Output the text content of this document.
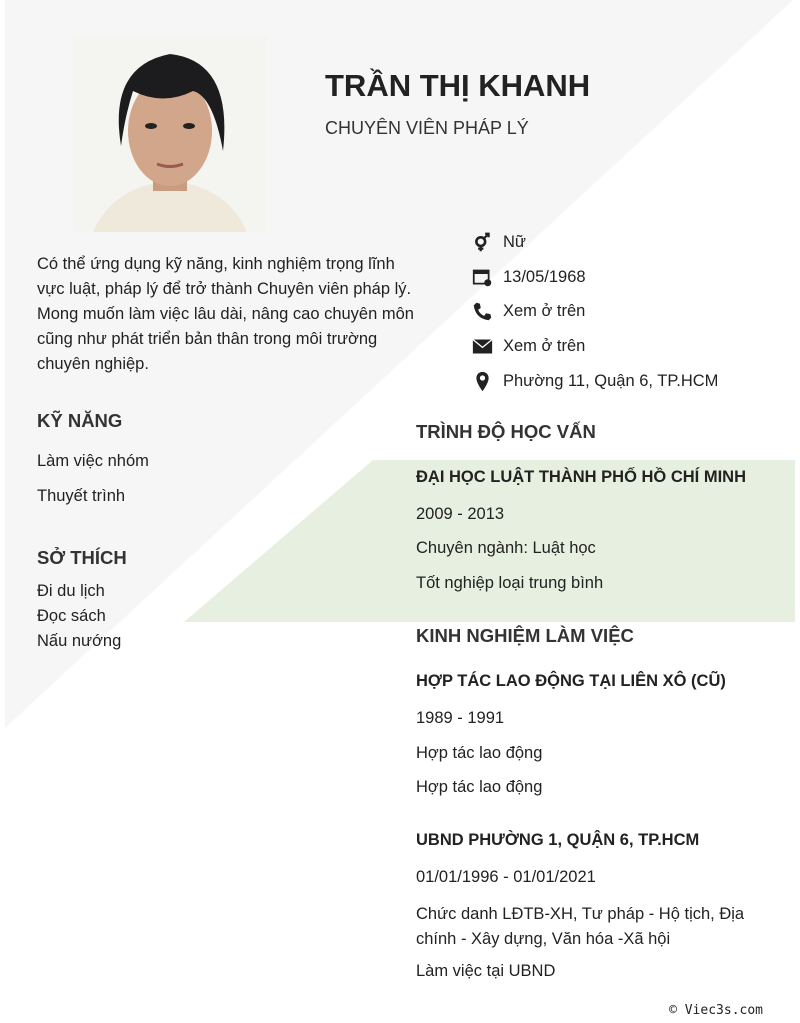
TRẦN THỊ KHANH
CHUYÊN VIÊN PHÁP LÝ
Có thể ứng dụng kỹ năng, kinh nghiệm trọng lĩnh vực luật, pháp lý để trở thành Chuyên viên pháp lý. Mong muốn làm việc lâu dài, nâng cao chuyên môn cũng như phát triển bản thân trong môi trường chuyên nghiệp.
Nữ
13/05/1968
Xem ở trên
Xem ở trên
Phường 11, Quận 6, TP.HCM
KỸ NĂNG
Làm việc nhóm
Thuyết trình
SỞ THÍCH
Đi du lịch
Đọc sách
Nấu nướng
TRÌNH ĐỘ HỌC VẤN
ĐẠI HỌC LUẬT THÀNH PHỐ HỒ CHÍ MINH
2009 - 2013
Chuyên ngành: Luật học
Tốt nghiệp loại trung bình
KINH NGHIỆM LÀM VIỆC
HỢP TÁC LAO ĐỘNG TẠI LIÊN XÔ (CŨ)
1989 - 1991
Hợp tác lao động
Hợp tác lao động
UBND PHƯỜNG 1, QUẬN 6, TP.HCM
01/01/1996 - 01/01/2021
Chức danh LĐTB-XH, Tư pháp - Hộ tịch, Địa chính - Xây dựng, Văn hóa -Xã hội
Làm việc tại UBND
© Viec3s.com
